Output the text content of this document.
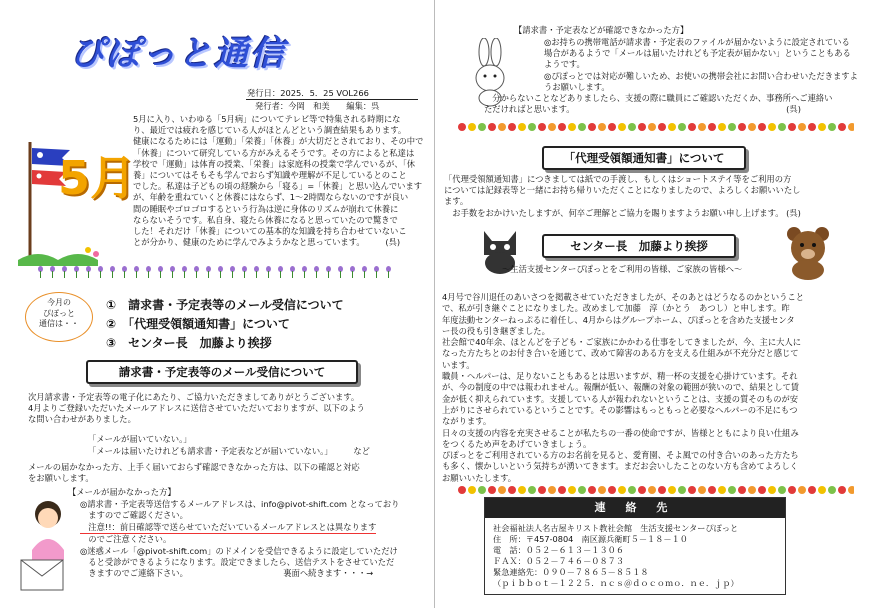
ぴぽっと通信
発行日：2025．5．25 VOL266
発行者：今岡　和美　　編集：呉
5月
5月に入り、いわゆる「5月病」についてテレビ等で特集される時期にな
り、最近では疲れを感じている人がほとんどという調査結果もあります。
健康になるためには「運動」「栄養」「休養」が大切だとされており、その中で
「休養」について研究している方がみえるそうです。その方によると私達は
学校で「運動」は体育の授業、「栄養」は家庭科の授業で学んでいるが、「休
養」についてはそもそも学んでおらず知識や理解が不足しているとのこと
でした。私達は子どもの頃の経験から「寝る」=「休養」と思い込んでいます
が、年齢を重ねていくと休養にはならず、1～2時間ならないのですが良い
間の睡眠やゴロゴロするという行為は逆に身体のリズムが崩れて休養に
ならないそうです。私自身、寝たら休養になると思っていたので驚きで
した！それだけ「休養」についての基本的な知識を持ち合わせていないこ
とが分かり、健康のために学んでみようかなと思っています。　　　(呉)
今月の
ぴぽっと
通信は・・
①　請求書・予定表等のメール受信について
②　「代理受領額通知書」について
③　センター長　加藤より挨拶
請求書・予定表等のメール受信について
次月請求書・予定表等の電子化にあたり、ご協力いただきましてありがとうございます。
4月よりご登録いただいたメールアドレスに送信させていただいておりますが、以下のよう
な問い合わせがありました。
「メールが届いていない。」
「メールは届いたけれども請求書・予定表などが届いていない。」　　　など
メールの届かなかった方、上手く届いておらず確認できなかった方は、以下の確認と対応
をお願いします。
【メールが届かなかった方】
◎請求書・予定表等送信するメールアドレスは、info@pivot-shift.com となっており
　ますのでご確認ください。
　注意!!：前日確認等で送らせていただいているメールアドレスとは異なります
　のでご注意ください。
◎迷惑メール「@pivot-shift.com」のドメインを受信できるように設定していただけ
　ると受診ができるようになります。設定できましたら、送信テストをさせていただ
　きますのでご連絡下さい。　　　　　　　　　　　　裏面へ続きます・・・→
【請求書・予定表などが確認できなかった方】
◎お持ちの携帯電話が請求書・予定表のファイルが届かないように設定されている
場合があるようで「メールは届いたけれども予定表が届かない」ということもある
ようです。
◎ぴぽっとでは対応が難しいため、お使いの携帯会社にお問い合わせいただきますよ
うお願いします。
　分からないことなどありましたら、支援の際に職員にご確認いただくか、事務所へご連絡い
ただければと思います。　　　　　　　　　　　　　　　　　　　　　　　　　　(呉)
「代理受領額通知書」について
「代理受領額通知書」につきましては紙での手渡し、もしくはショートステイ等をご利用の方
については記録表等と一緒にお持ち帰りいただくことになりましたので、よろしくお願いいたし
ます。
　お手数をおかけいたしますが、何卒ご理解とご協力を賜りますようお願い申し上げます。 (呉)
センター長　加藤より挨拶
～生活支援センターぴぽっとをご利用の皆様、ご家族の皆様へ～
4月号で谷川退任のあいさつを掲載させていただきましたが、そのあとはどうなるのかということ
で、私が引き継ぐことになりました。改めまして加藤　淳（かとう　あつし）と申します。昨
年度法動センターねっぷるに着任し、4月からはグループホーム、ぴぽっとを含めた支援センタ
ー長の役も引き継ぎました。
社会館で40年余、ほとんどを子ども・ご家族にかかわる仕事をしてきましたが、今、主に大人に
なった方たちとのお付き合いを通じて、改めて障害のある方を支える仕組みが不充分だと感じて
います。
職員・ヘルパーは、足りないこともあるとは思いますが、精一杯の支援を心掛けています。それ
が、今の制度の中では報われません。報酬が低い、報酬の対象の範囲が狭いので、結果として賃
金が低く抑えられています。支援している人が報われないということは、支援の質そのものが安
上がりにさせられているということです。その影響はもっともっと必要なヘルパーの不足にもつ
ながります。
日々の支援の内容を充実させることが私たちの一番の使命ですが、皆様とともにより良い仕組み
をつくるため声をあげていきましょう。
ぴぽっとをご利用されている方のお名前を見ると、愛育園、そよ風での付き合いのあった方たち
も多く、懐かしいという気持ちが湧いてきます。まだお会いしたことのない方も含めてよろしく
お願いいたします。
連 絡 先
社会福祉法人名古屋キリスト教社会館　生活支援センターぴぽっと
住　所：〒457-0804　南区源兵衛町５－１８－１０
電　話：０５２－６１３－１３０６
ＦＡＸ：０５２－７４６－０８７３
緊急連絡先：０９０－７８６５－８５１８
（ｐｉｂｂｏｔ－１２２５．ｎｃｓ＠ｄｏｃｏｍｏ．ｎｅ．ｊｐ）
